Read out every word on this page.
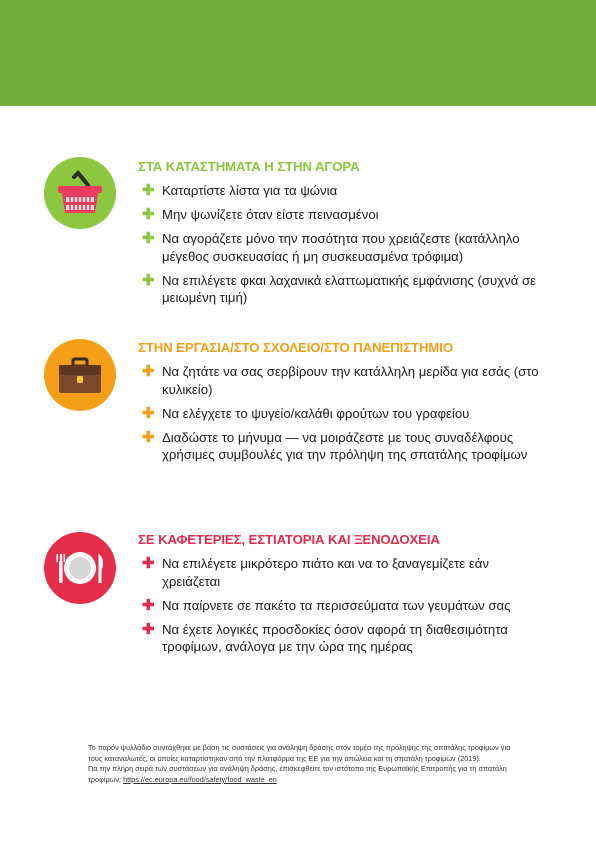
ΣΤΑ ΚΑΤΑΣΤΗΜΑΤΑ Η ΣΤΗΝ ΑΓΟΡΑ
✚ Καταρτίστε λίστα για τα ψώνια
✚ Μην ψωνίζετε όταν είστε πεινασμένοι
✚ Να αγοράζετε μόνο την ποσότητα που χρειάζεστε (κατάλληλο μέγεθος συσκευασίας ή μη συσκευασμένα τρόφιμα)
✚ Να επιλέγετε φκαι λαχανικά ελαττωματικής εμφάνισης (συχνά σε μειωμένη τιμή)
ΣΤΗΝ ΕΡΓΑΣΙΑ/ΣΤΟ ΣΧΟΛΕΙΟ/ΣΤΟ ΠΑΝΕΠΙΣΤΗΜΙΟ
✚ Να ζητάτε να σας σερβίρουν την κατάλληλη μερίδα για εσάς (στο κυλικείο)
✚ Να ελέγχετε το ψυγείο/καλάθι φρούτων του γραφείου
✚ Διαδώστε το μήνυμα — να μοιράζεστε με τους συναδέλφους χρήσιμες συμβουλές για την πρόληψη της σπατάλης τροφίμων
ΣΕ ΚΑΦΕΤΕΡΙΕΣ, ΕΣΤΙΑΤΟΡΙΑ ΚΑΙ ΞΕΝΟΔΟΧΕΙΑ
✚ Να επιλέγετε μικρότερο πιάτο και να το ξαναγεμίζετε εάν χρειάζεται
✚ Να παίρνετε σε πακέτο τα περισσεύματα των γευμάτων σας
✚ Να έχετε λογικές προσδοκίες όσον αφορά τη διαθεσιμότητα τροφίμων, ανάλογα με την ώρα της ημέρας

Το παρόν ψυλλάδιο συντάχθηκε με βάση τις συστάσεις για ανάληψη δράσης στον τομέα της πρόληψης της σπατάλης τροφίμων για τους καταναλωτές, οι οποίες καταρτίστηκαν από την πλατφόρμα της ΕΕ για την απώλεια και τη σπατάλη τροφίμων (2019).

Για την πλήρη σειρά των συστάσεων για ανάληψη δράσης, επισκεφθείτε τον ιστότοπο της Ευρωπαϊκής Επιτροπής για τη σπατάλη τροφίμων: https://ec.europa.eu/food/safety/food_waste_en
